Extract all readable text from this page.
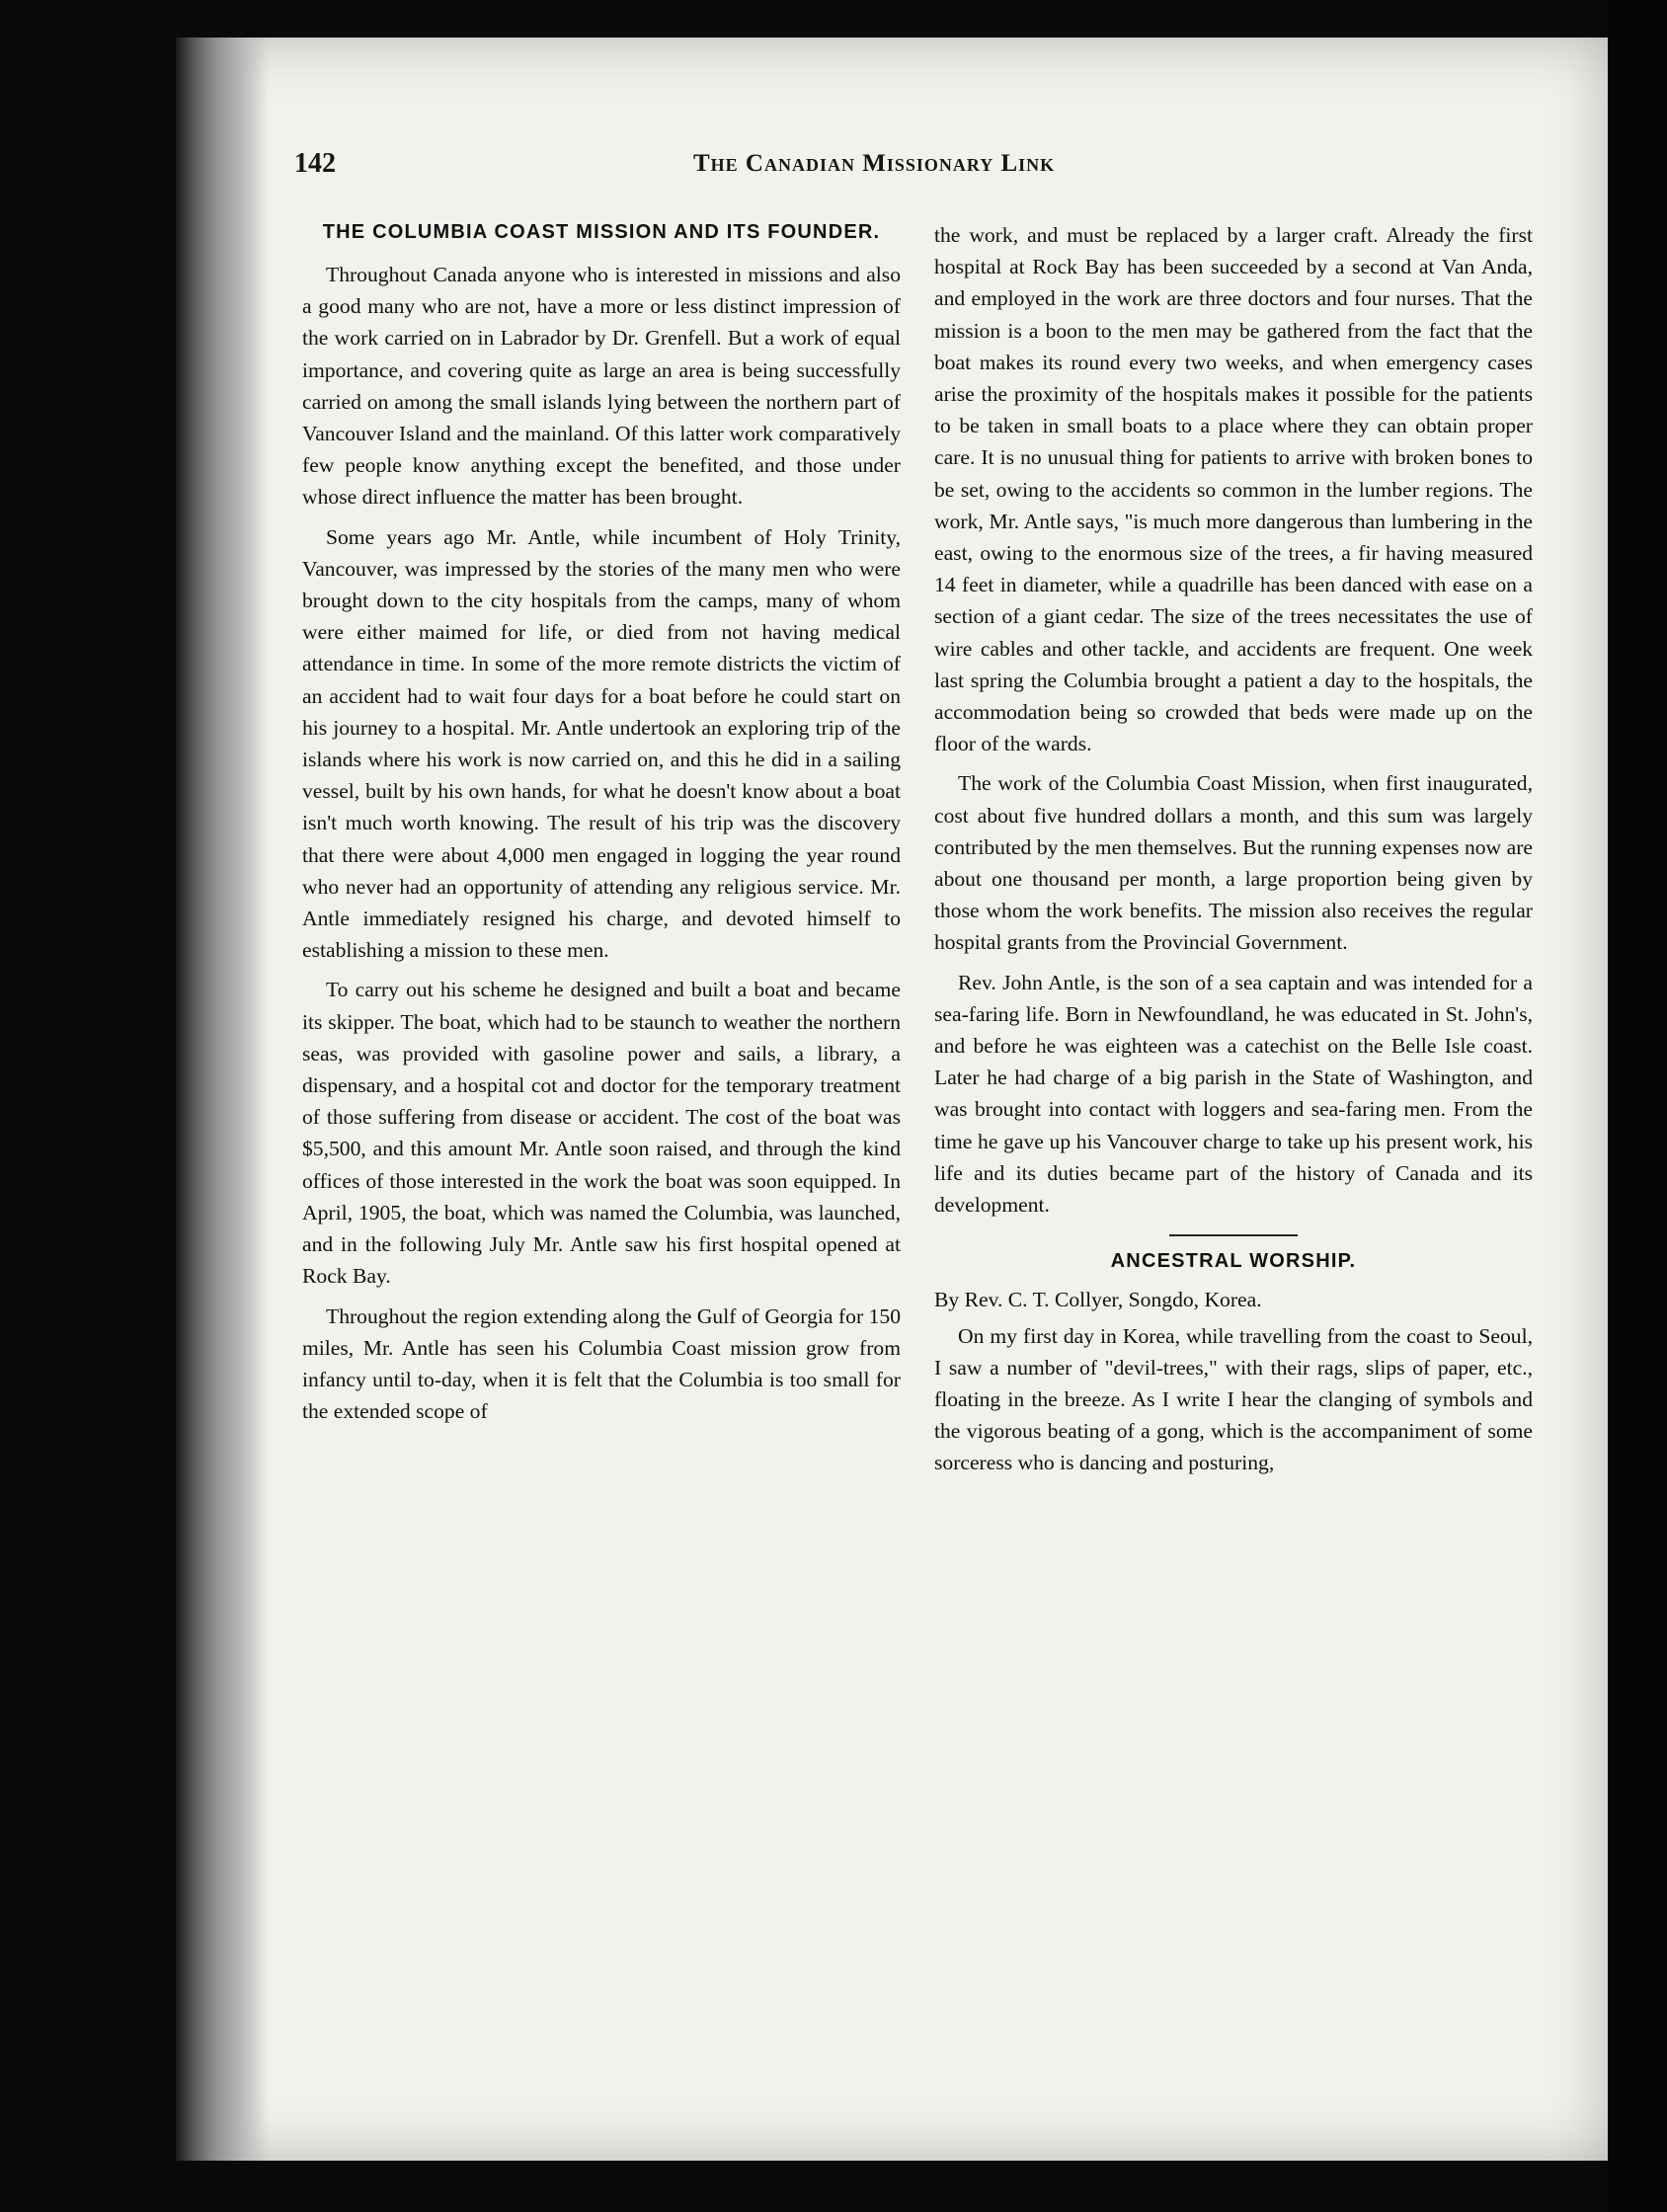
142	The Canadian Missionary Link
THE COLUMBIA COAST MISSION AND ITS FOUNDER.

Throughout Canada anyone who is interested in missions and also a good many who are not, have a more or less distinct impression of the work carried on in Labrador by Dr. Grenfell. But a work of equal importance, and covering quite as large an area is being successfully carried on among the small islands lying between the northern part of Vancouver Island and the mainland. Of this latter work comparatively few people know anything except the benefited, and those under whose direct influence the matter has been brought.

Some years ago Mr. Antle, while incumbent of Holy Trinity, Vancouver, was impressed by the stories of the many men who were brought down to the city hospitals from the camps, many of whom were either maimed for life, or died from not having medical attendance in time. In some of the more remote districts the victim of an accident had to wait four days for a boat before he could start on his journey to a hospital. Mr. Antle undertook an exploring trip of the islands where his work is now carried on, and this he did in a sailing vessel, built by his own hands, for what he doesn't know about a boat isn't much worth knowing. The result of his trip was the discovery that there were about 4,000 men engaged in logging the year round who never had an opportunity of attending any religious service. Mr. Antle immediately resigned his charge, and devoted himself to establishing a mission to these men.

To carry out his scheme he designed and built a boat and became its skipper. The boat, which had to be staunch to weather the northern seas, was provided with gasoline power and sails, a library, a dispensary, and a hospital cot and doctor for the temporary treatment of those suffering from disease or accident. The cost of the boat was $5,500, and this amount Mr. Antle soon raised, and through the kind offices of those interested in the work the boat was soon equipped. In April, 1905, the boat, which was named the Columbia, was launched, and in the following July Mr. Antle saw his first hospital opened at Rock Bay.

Throughout the region extending along the Gulf of Georgia for 150 miles, Mr. Antle has seen his Columbia Coast mission grow from infancy until to-day, when it is felt that the Columbia is too small for the extended scope of

the work, and must be replaced by a larger craft. Already the first hospital at Rock Bay has been succeeded by a second at Van Anda, and employed in the work are three doctors and four nurses. That the mission is a boon to the men may be gathered from the fact that the boat makes its round every two weeks, and when emergency cases arise the proximity of the hospitals makes it possible for the patients to be taken in small boats to a place where they can obtain proper care. It is no unusual thing for patients to arrive with broken bones to be set, owing to the accidents so common in the lumber regions. The work, Mr. Antle says, "is much more dangerous than lumbering in the east, owing to the enormous size of the trees, a fir having measured 14 feet in diameter, while a quadrille has been danced with ease on a section of a giant cedar. The size of the trees necessitates the use of wire cables and other tackle, and accidents are frequent. One week last spring the Columbia brought a patient a day to the hospitals, the accommodation being so crowded that beds were made up on the floor of the wards.

The work of the Columbia Coast Mission, when first inaugurated, cost about five hundred dollars a month, and this sum was largely contributed by the men themselves. But the running expenses now are about one thousand per month, a large proportion being given by those whom the work benefits. The mission also receives the regular hospital grants from the Provincial Government.

Rev. John Antle, is the son of a sea captain and was intended for a sea-faring life. Born in Newfoundland, he was educated in St. John's, and before he was eighteen was a catechist on the Belle Isle coast. Later he had charge of a big parish in the State of Washington, and was brought into contact with loggers and sea-faring men. From the time he gave up his Vancouver charge to take up his present work, his life and its duties became part of the history of Canada and its development.

ANCESTRAL WORSHIP.

By Rev. C. T. Collyer, Songdo, Korea.

On my first day in Korea, while travelling from the coast to Seoul, I saw a number of "devil-trees," with their rags, slips of paper, etc., floating in the breeze. As I write I hear the clanging of symbols and the vigorous beating of a gong, which is the accompaniment of some sorceress who is dancing and posturing,
